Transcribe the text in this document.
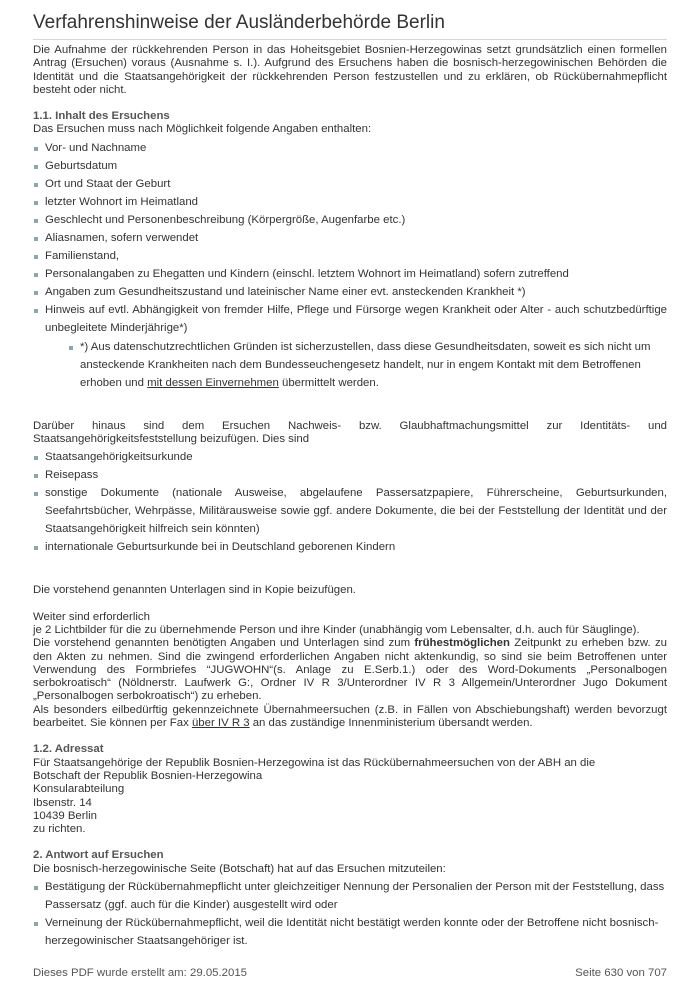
Verfahrenshinweise der Ausländerbehörde Berlin

Die Aufnahme der rückkehrenden Person in das Hoheitsgebiet Bosnien-Herzegowinas setzt grundsätzlich einen formellen Antrag (Ersuchen) voraus (Ausnahme s. I.). Aufgrund des Ersuchens haben die bosnisch-herzegowinischen Behörden die Identität und die Staatsangehörigkeit der rückkehrenden Person festzustellen und zu erklären, ob Rückübernahmepflicht besteht oder nicht.

1.1. Inhalt des Ersuchens

Das Ersuchen muss nach Möglichkeit folgende Angaben enthalten:

Vor- und Nachname
Geburtsdatum
Ort und Staat der Geburt
letzter Wohnort im Heimatland
Geschlecht und Personenbeschreibung (Körpergröße, Augenfarbe etc.)
Aliasnamen, sofern verwendet
Familienstand,
Personalangaben zu Ehegatten und Kindern (einschl. letztem Wohnort im Heimatland) sofern zutreffend
Angaben zum Gesundheitszustand und lateinischer Name einer evt. ansteckenden Krankheit *)
Hinweis auf evtl. Abhängigkeit von fremder Hilfe, Pflege und Fürsorge wegen Krankheit oder Alter - auch schutzbedürftige unbegleitete Minderjährige*)
*) Aus datenschutzrechtlichen Gründen ist sicherzustellen, dass diese Gesundheitsdaten, soweit es sich nicht um ansteckende Krankheiten nach dem Bundesseuchengesetz handelt, nur in engem Kontakt mit dem Betroffenen erhoben und mit dessen Einvernehmen übermittelt werden.

Darüber hinaus sind dem Ersuchen Nachweis- bzw. Glaubhaftmachungsmittel zur Identitäts- und Staatsangehörigkeitsfeststellung beizufügen. Dies sind

Staatsangehörigkeitsurkunde
Reisepass
sonstige Dokumente (nationale Ausweise, abgelaufene Passersatzpapiere, Führerscheine, Geburtsurkunden, Seefahrtsbücher, Wehrpässe, Militärausweise sowie ggf. andere Dokumente, die bei der Feststellung der Identität und der Staatsangehörigkeit hilfreich sein könnten)
internationale Geburtsurkunde bei in Deutschland geborenen Kindern

Die vorstehend genannten Unterlagen sind in Kopie beizufügen.

Weiter sind erforderlich

je 2 Lichtbilder für die zu übernehmende Person und ihre Kinder (unabhängig vom Lebensalter, d.h. auch für Säuglinge).

Die vorstehend genannten benötigten Angaben und Unterlagen sind zum frühestmöglichen Zeitpunkt zu erheben bzw. zu den Akten zu nehmen. Sind die zwingend erforderlichen Angaben nicht aktenkundig, so sind sie beim Betroffenen unter Verwendung des Formbriefes “JUGWOHN“(s. Anlage zu E.Serb.1.) oder des Word-Dokuments „Personalbogen serbokroatisch“ (Nöldnerstr. Laufwerk G:, Ordner IV R 3/Unterordner IV R 3 Allgemein/Unterordner Jugo Dokument „Personalbogen serbokroatisch“) zu erheben.

Als besonders eilbedürftig gekennzeichnete Übernahmeersuchen (z.B. in Fällen von Abschiebungshaft) werden bevorzugt bearbeitet. Sie können per Fax über IV R 3 an das zuständige Innenministerium übersandt werden.

1.2. Adressat

Für Staatsangehörige der Republik Bosnien-Herzegowina ist das Rückübernahmeersuchen von der ABH an die

Botschaft der Republik Bosnien-Herzegowina

Konsularabteilung

Ibsenstr. 14

10439 Berlin

zu richten.

2. Antwort auf Ersuchen

Die bosnisch-herzegowinische Seite (Botschaft) hat auf das Ersuchen mitzuteilen:

Bestätigung der Rückübernahmepflicht unter gleichzeitiger Nennung der Personalien der Person mit der Feststellung, dass Passersatz (ggf. auch für die Kinder) ausgestellt wird oder
Verneinung der Rückübernahmepflicht, weil die Identität nicht bestätigt werden konnte oder der Betroffene nicht bosnisch-herzegowinischer Staatsangehöriger ist.
Dieses PDF wurde erstellt am: 29.05.2015	Seite 630 von 707
